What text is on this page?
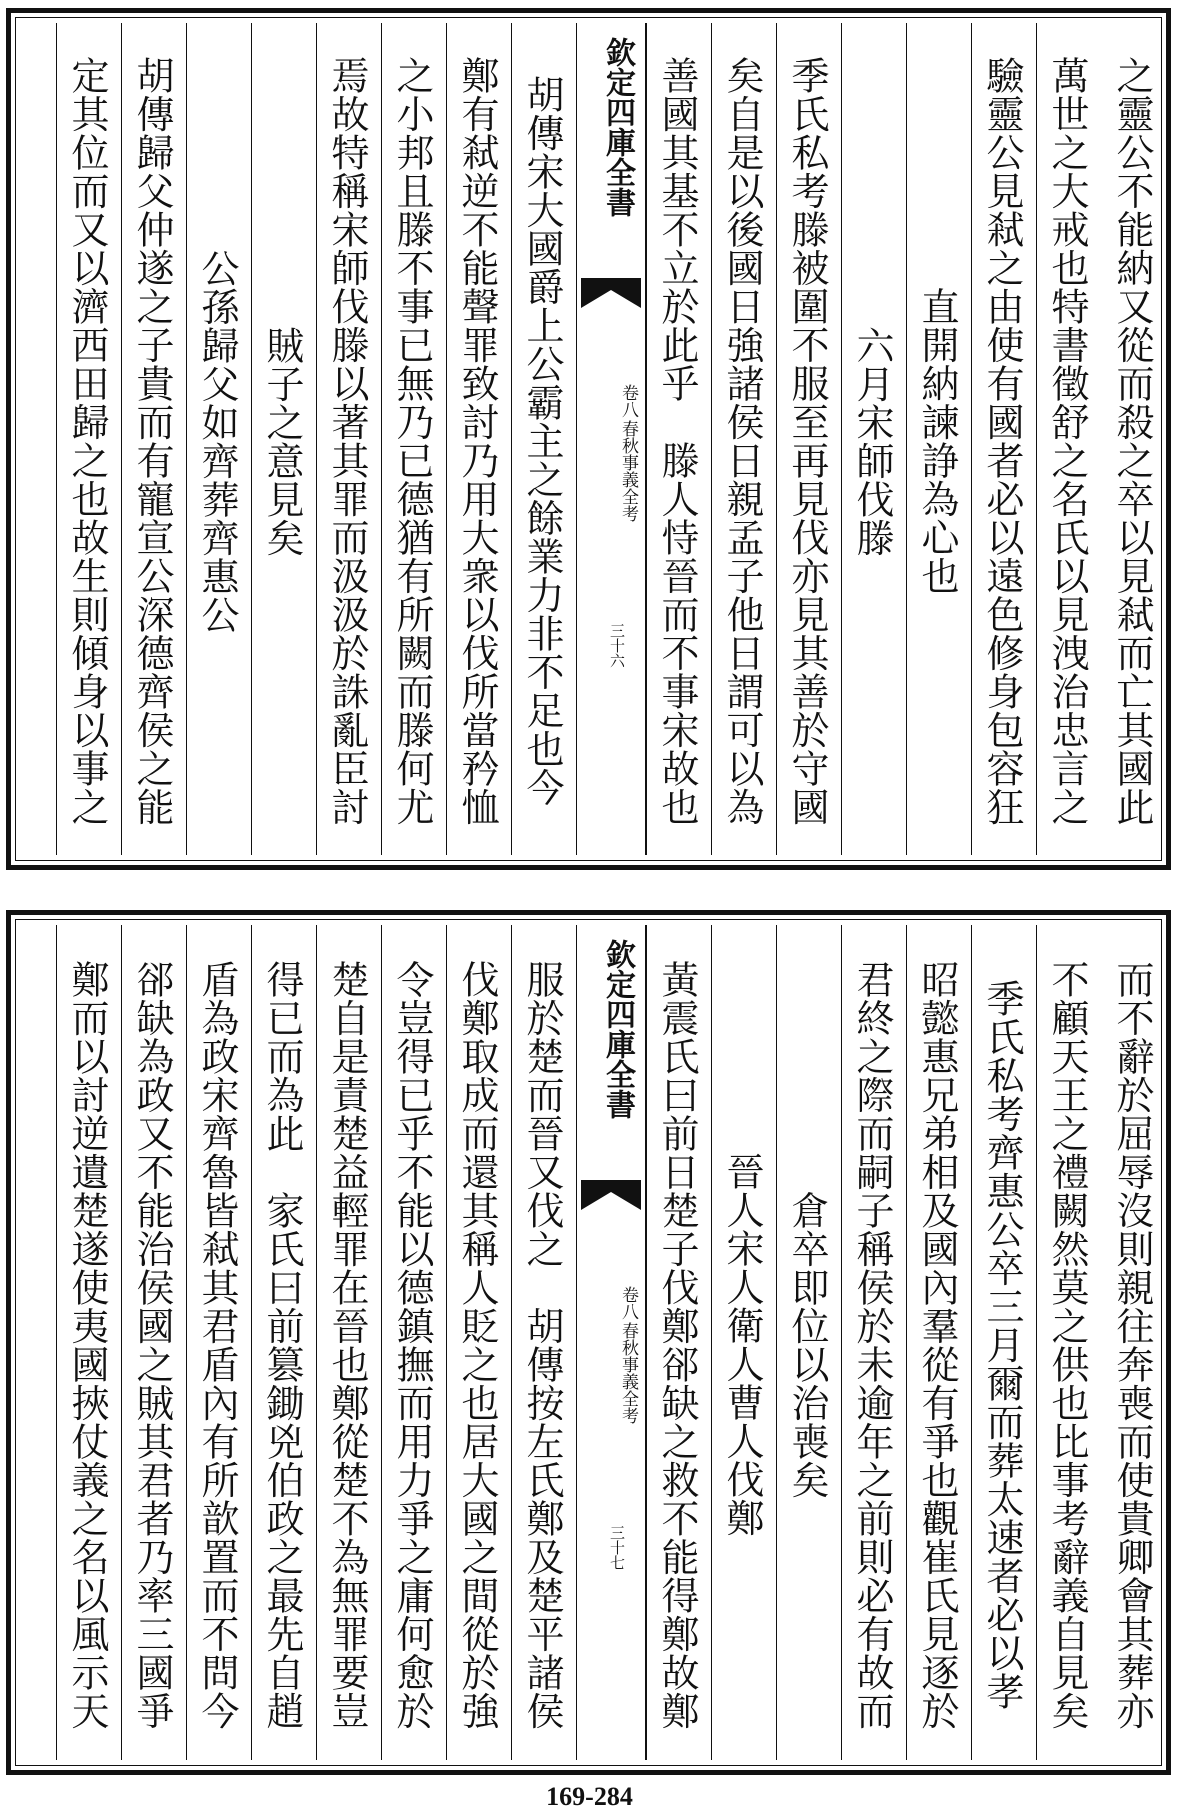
之靈公不能納又從而殺之卒以見弒而亡其國此
萬世之大戒也特書徵舒之名氏以見洩治忠言之
驗靈公見弒之由使有國者必以遠色修身包容狂
直開納諫諍為心也
六月宋師伐滕
季氏私考滕被圍不服至再見伐亦見其善於守國
矣自是以後國日強諸侯日親孟子他日謂可以為
善國其基不立於此乎　滕人恃晉而不事宋故也
欽定四庫全書
春秋事義全考
卷八
三十六
胡傳宋大國爵上公霸主之餘業力非不足也今
鄭有弒逆不能聲罪致討乃用大衆以伐所當矜恤
之小邦且滕不事已無乃已德猶有所闕而滕何尤
焉故特稱宋師伐滕以著其罪而汲汲於誅亂臣討
賊子之意見矣
公孫歸父如齊葬齊惠公
胡傳歸父仲遂之子貴而有寵宣公深德齊侯之能
定其位而又以濟西田歸之也故生則傾身以事之
而不辭於屈辱沒則親往奔喪而使貴卿會其葬亦
不顧天王之禮闕然莫之供也比事考辭義自見矣
季氏私考齊惠公卒三月爾而葬太速者必以孝
昭懿惠兄弟相及國內羣從有爭也觀崔氏見逐於
君終之際而嗣子稱侯於未逾年之前則必有故而
倉卒即位以治喪矣
晉人宋人衛人曹人伐鄭
黃震氏曰前日楚子伐鄭郤缺之救不能得鄭故鄭
欽定四庫全書
春秋事義全考
卷八
三十七
服於楚而晉又伐之　胡傳按左氏鄭及楚平諸侯
伐鄭取成而還其稱人貶之也居大國之間從於強
令豈得已乎不能以德鎮撫而用力爭之庸何愈於
楚自是責楚益輕罪在晉也鄭從楚不為無罪要豈
得已而為此　家氏曰前篡鋤兇伯政之最先自趙
盾為政宋齊魯皆弒其君盾內有所歆置而不問今
郤缺為政又不能治侯國之賊其君者乃率三國爭
鄭而以討逆遺楚遂使夷國挾仗義之名以風示天
169-284
